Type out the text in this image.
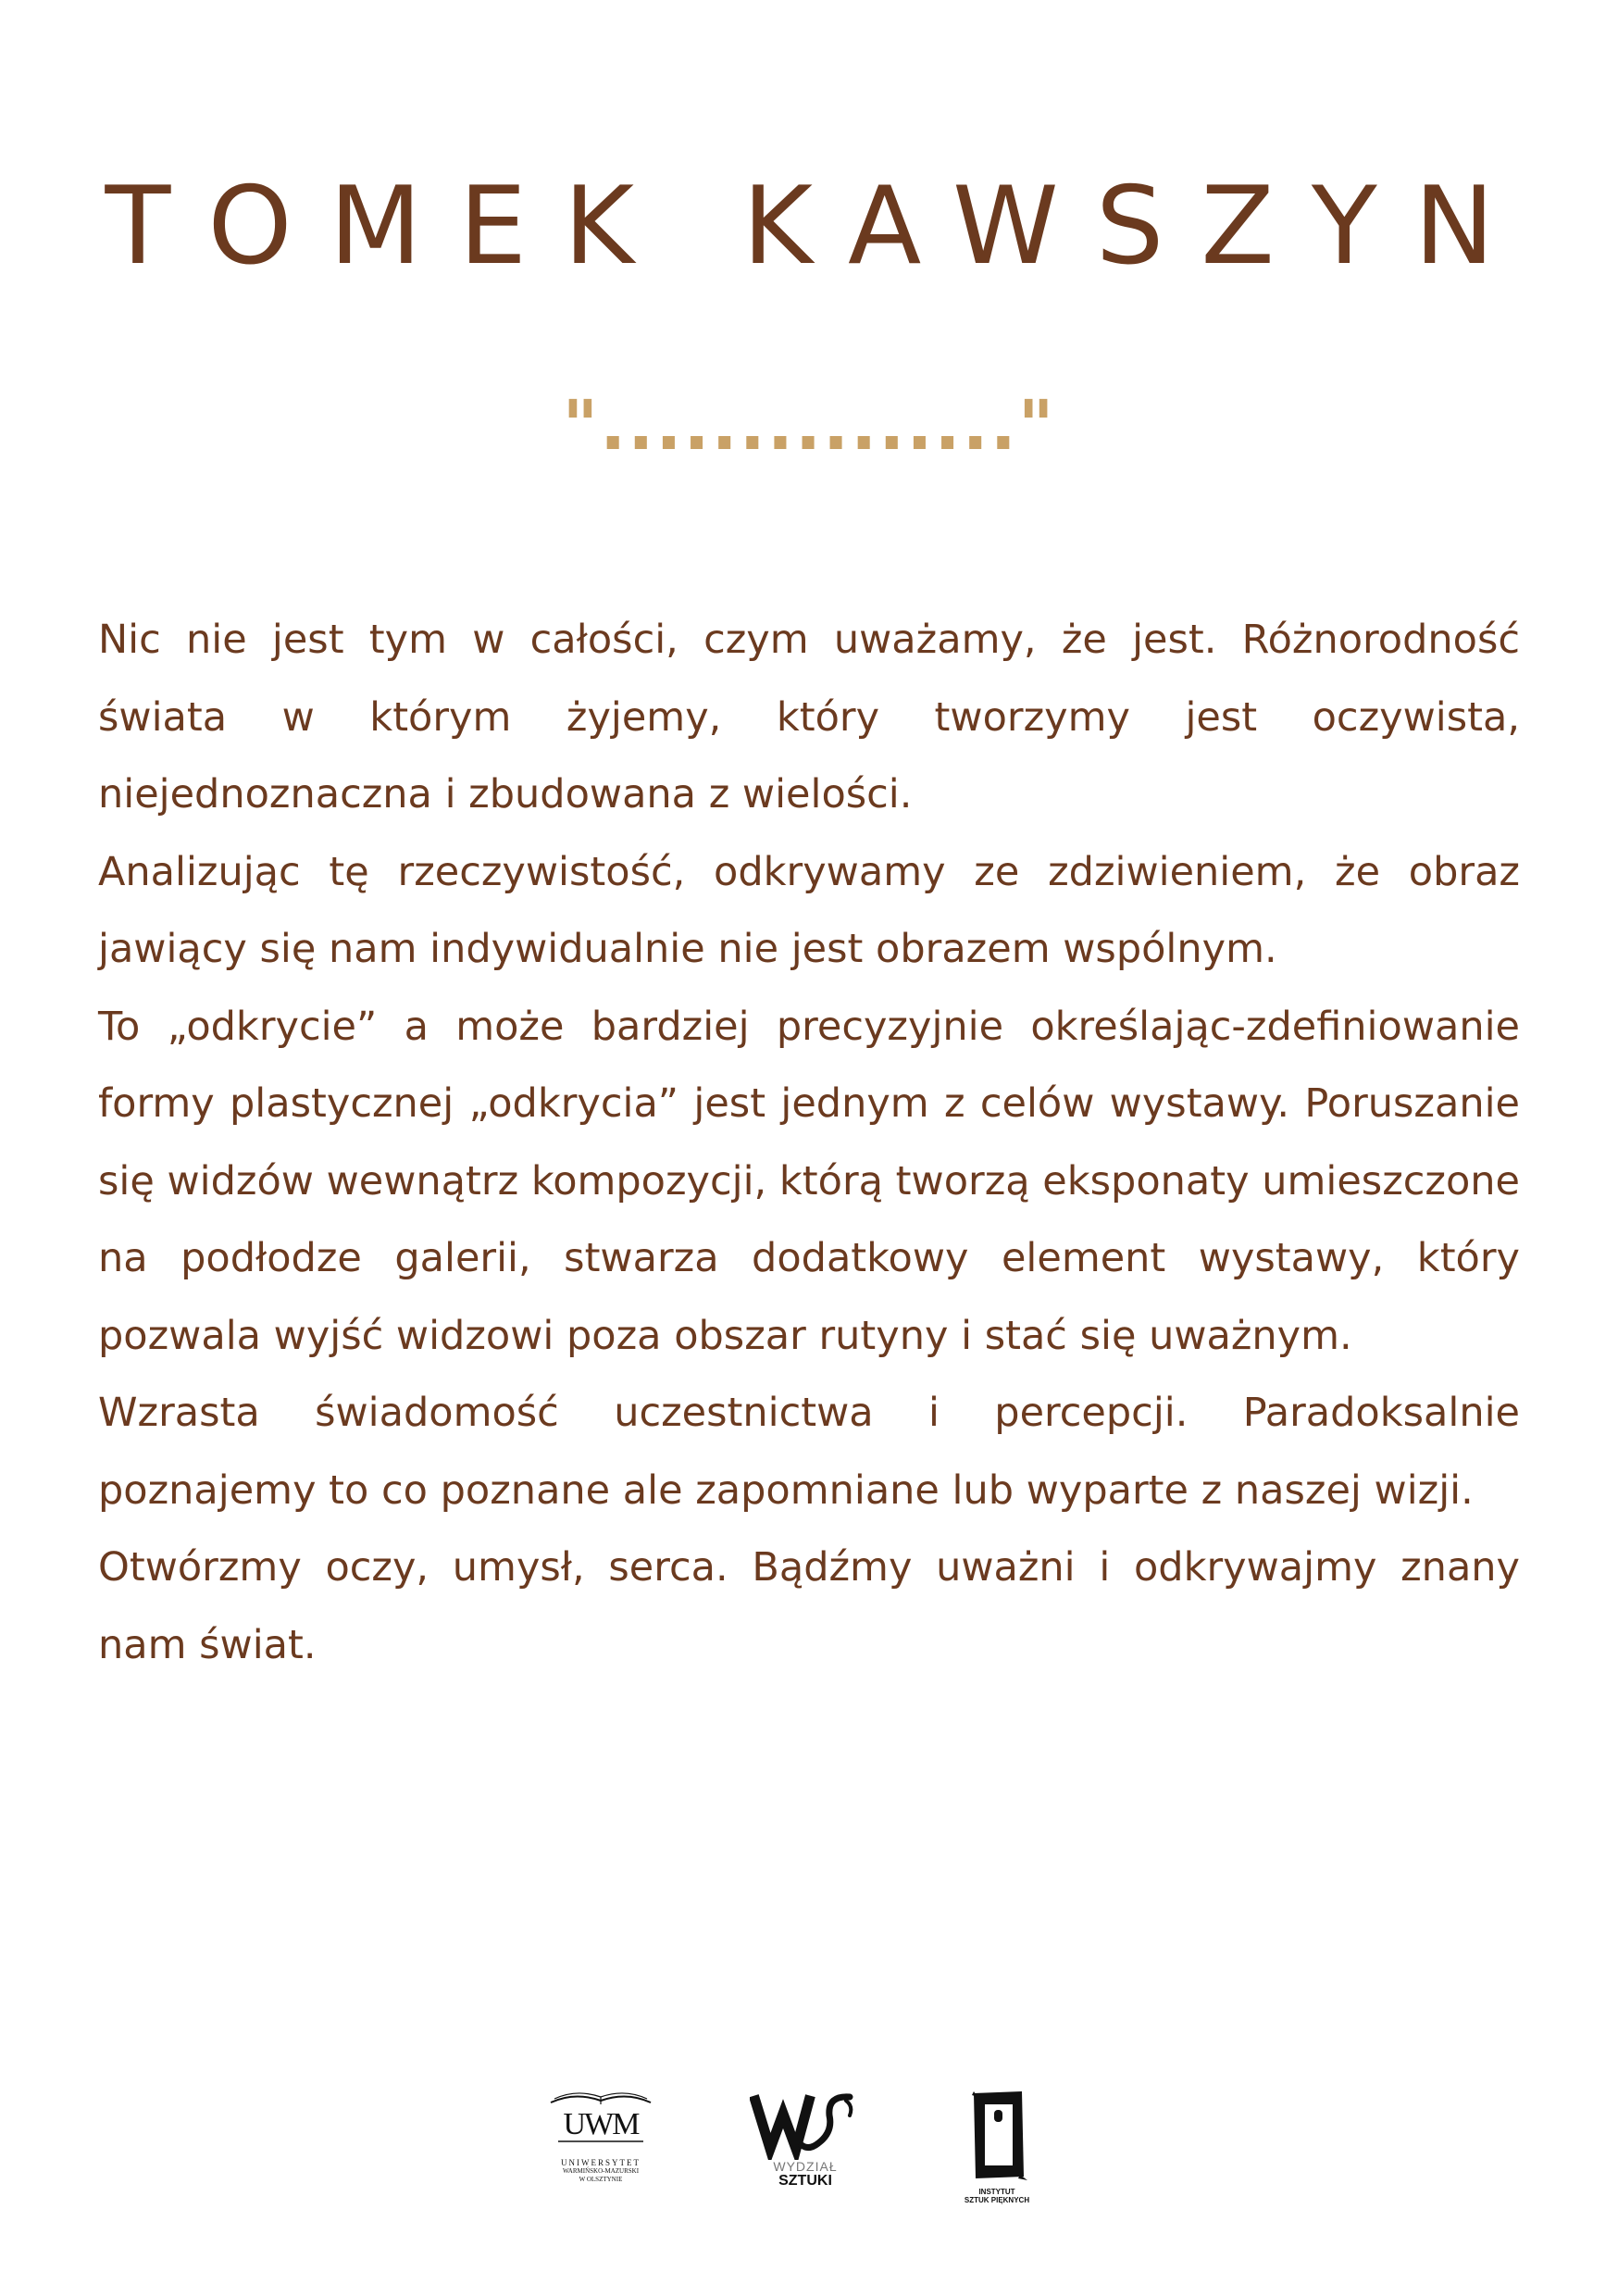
TOMEK KAWSZYN
"..............."

Nic nie jest tym w całości, czym uważamy, że jest. Różnorodność świata w którym żyjemy, który tworzymy jest oczywista, niejednoznaczna i zbudowana z wielości.

Analizując tę rzeczywistość, odkrywamy ze zdziwieniem, że obraz jawiący się nam indywidualnie nie jest obrazem wspólnym.

To „odkrycie” a może bardziej precyzyjnie określając-zdefiniowanie formy plastycznej „odkrycia” jest jednym z celów wystawy. Poruszanie się widzów wewnątrz kompozycji, którą tworzą eksponaty umieszczone na podłodze galerii, stwarza dodatkowy element wystawy, który pozwala wyjść widzowi poza obszar rutyny i stać się uważnym.

Wzrasta świadomość uczestnictwa i percepcji. Paradoksalnie poznajemy to co poznane ale zapomniane lub wyparte z naszej wizji.

Otwórzmy oczy, umysł, serca. Bądźmy uważni i odkrywajmy znany nam świat.

UWM
UNIWERSYTET
WARMIŃSKO-MAZURSKI
W OLSZTYNIE
WYDZIAŁ
SZTUKI
INSTYTUT
SZTUK PIĘKNYCH
